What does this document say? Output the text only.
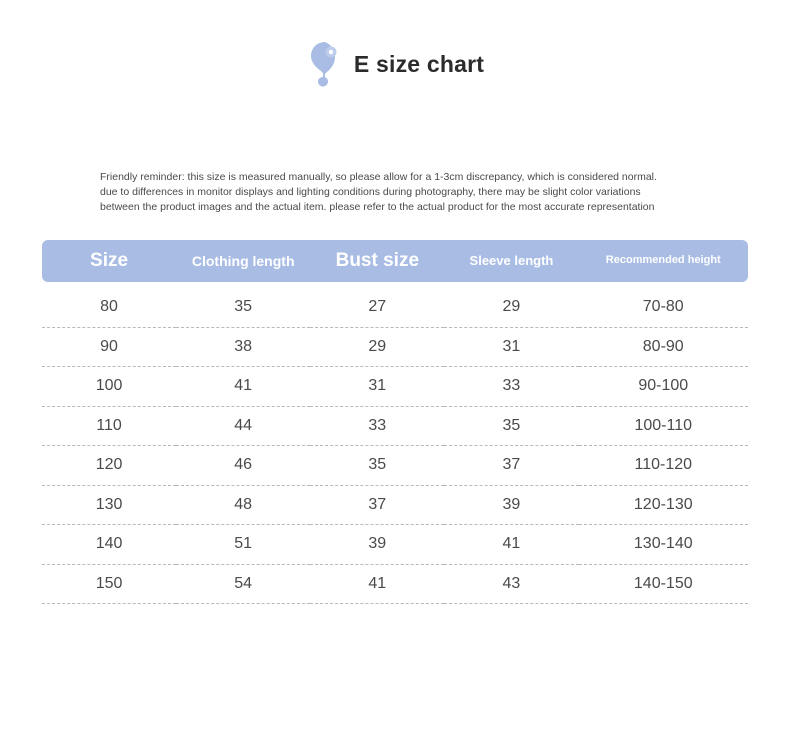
E size chart
Friendly reminder: this size is measured manually, so please allow for a 1-3cm discrepancy, which is considered normal.
due to differences in monitor displays and lighting conditions during photography, there may be slight color variations
between the product images and the actual item. please refer to the actual product for the most accurate representation
Size	Clothing length	Bust size	Sleeve length	Recommended height
80	35	27	29	70-80
90	38	29	31	80-90
100	41	31	33	90-100
110	44	33	35	100-110
120	46	35	37	110-120
130	48	37	39	120-130
140	51	39	41	130-140
150	54	41	43	140-150
